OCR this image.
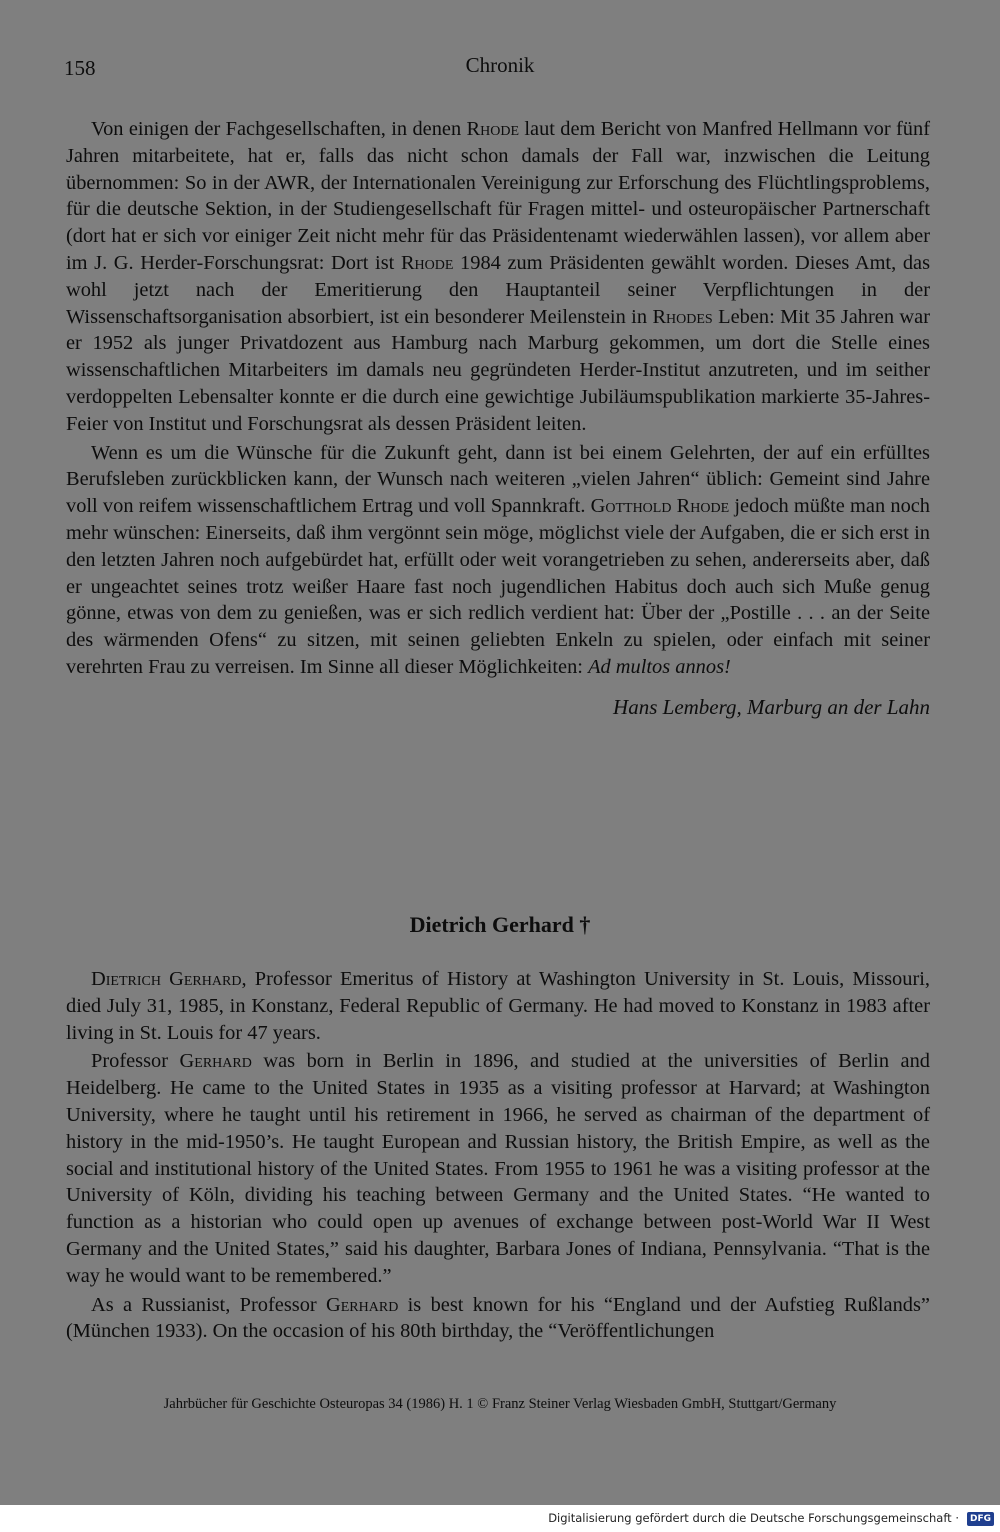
158	Chronik

Von einigen der Fachgesellschaften, in denen Rhode laut dem Bericht von Manfred Hellmann vor fünf Jahren mitarbeitete, hat er, falls das nicht schon damals der Fall war, inzwischen die Leitung übernommen: So in der AWR, der Internationalen Vereinigung zur Erforschung des Flüchtlingsproblems, für die deutsche Sektion, in der Studiengesellschaft für Fragen mittel- und osteuropäischer Partnerschaft (dort hat er sich vor einiger Zeit nicht mehr für das Präsidentenamt wiederwählen lassen), vor allem aber im J. G. Herder-Forschungsrat: Dort ist Rhode 1984 zum Präsidenten gewählt worden. Dieses Amt, das wohl jetzt nach der Emeritierung den Hauptanteil seiner Verpflichtungen in der Wissenschaftsorganisation absorbiert, ist ein besonderer Meilenstein in Rhodes Leben: Mit 35 Jahren war er 1952 als junger Privatdozent aus Hamburg nach Marburg gekommen, um dort die Stelle eines wissenschaftlichen Mitarbeiters im damals neu gegründeten Herder-Institut anzutreten, und im seither verdoppelten Lebensalter konnte er die durch eine gewichtige Jubiläumspublikation markierte 35-Jahres-Feier von Institut und Forschungsrat als dessen Präsident leiten.

Wenn es um die Wünsche für die Zukunft geht, dann ist bei einem Gelehrten, der auf ein erfülltes Berufsleben zurückblicken kann, der Wunsch nach weiteren „vielen Jahren“ üblich: Gemeint sind Jahre voll von reifem wissenschaftlichem Ertrag und voll Spannkraft. Gotthold Rhode jedoch müßte man noch mehr wünschen: Einerseits, daß ihm vergönnt sein möge, möglichst viele der Aufgaben, die er sich erst in den letzten Jahren noch aufgebürdet hat, erfüllt oder weit vorangetrieben zu sehen, andererseits aber, daß er ungeachtet seines trotz weißer Haare fast noch jugendlichen Habitus doch auch sich Muße genug gönne, etwas von dem zu genießen, was er sich redlich verdient hat: Über der „Postille . . . an der Seite des wärmenden Ofens“ zu sitzen, mit seinen geliebten Enkeln zu spielen, oder einfach mit seiner verehrten Frau zu verreisen. Im Sinne all dieser Möglichkeiten: Ad multos annos!

Hans Lemberg, Marburg an der Lahn
Dietrich Gerhard †

Dietrich Gerhard, Professor Emeritus of History at Washington University in St. Louis, Missouri, died July 31, 1985, in Konstanz, Federal Republic of Germany. He had moved to Konstanz in 1983 after living in St. Louis for 47 years.

Professor Gerhard was born in Berlin in 1896, and studied at the universities of Berlin and Heidelberg. He came to the United States in 1935 as a visiting professor at Harvard; at Washington University, where he taught until his retirement in 1966, he served as chairman of the department of history in the mid-1950’s. He taught European and Russian history, the British Empire, as well as the social and institutional history of the United States. From 1955 to 1961 he was a visiting professor at the University of Köln, dividing his teaching between Germany and the United States. “He wanted to function as a historian who could open up avenues of exchange between post-World War II West Germany and the United States,” said his daughter, Barbara Jones of Indiana, Pennsylvania. “That is the way he would want to be remembered.”

As a Russianist, Professor Gerhard is best known for his “England und der Aufstieg Rußlands” (München 1933). On the occasion of his 80th birthday, the “Veröffentlichungen

Jahrbücher für Geschichte Osteuropas 34 (1986) H. 1 © Franz Steiner Verlag Wiesbaden GmbH, Stuttgart/Germany
Digitalisierung gefördert durch die Deutsche Forschungsgemeinschaft · DFG
